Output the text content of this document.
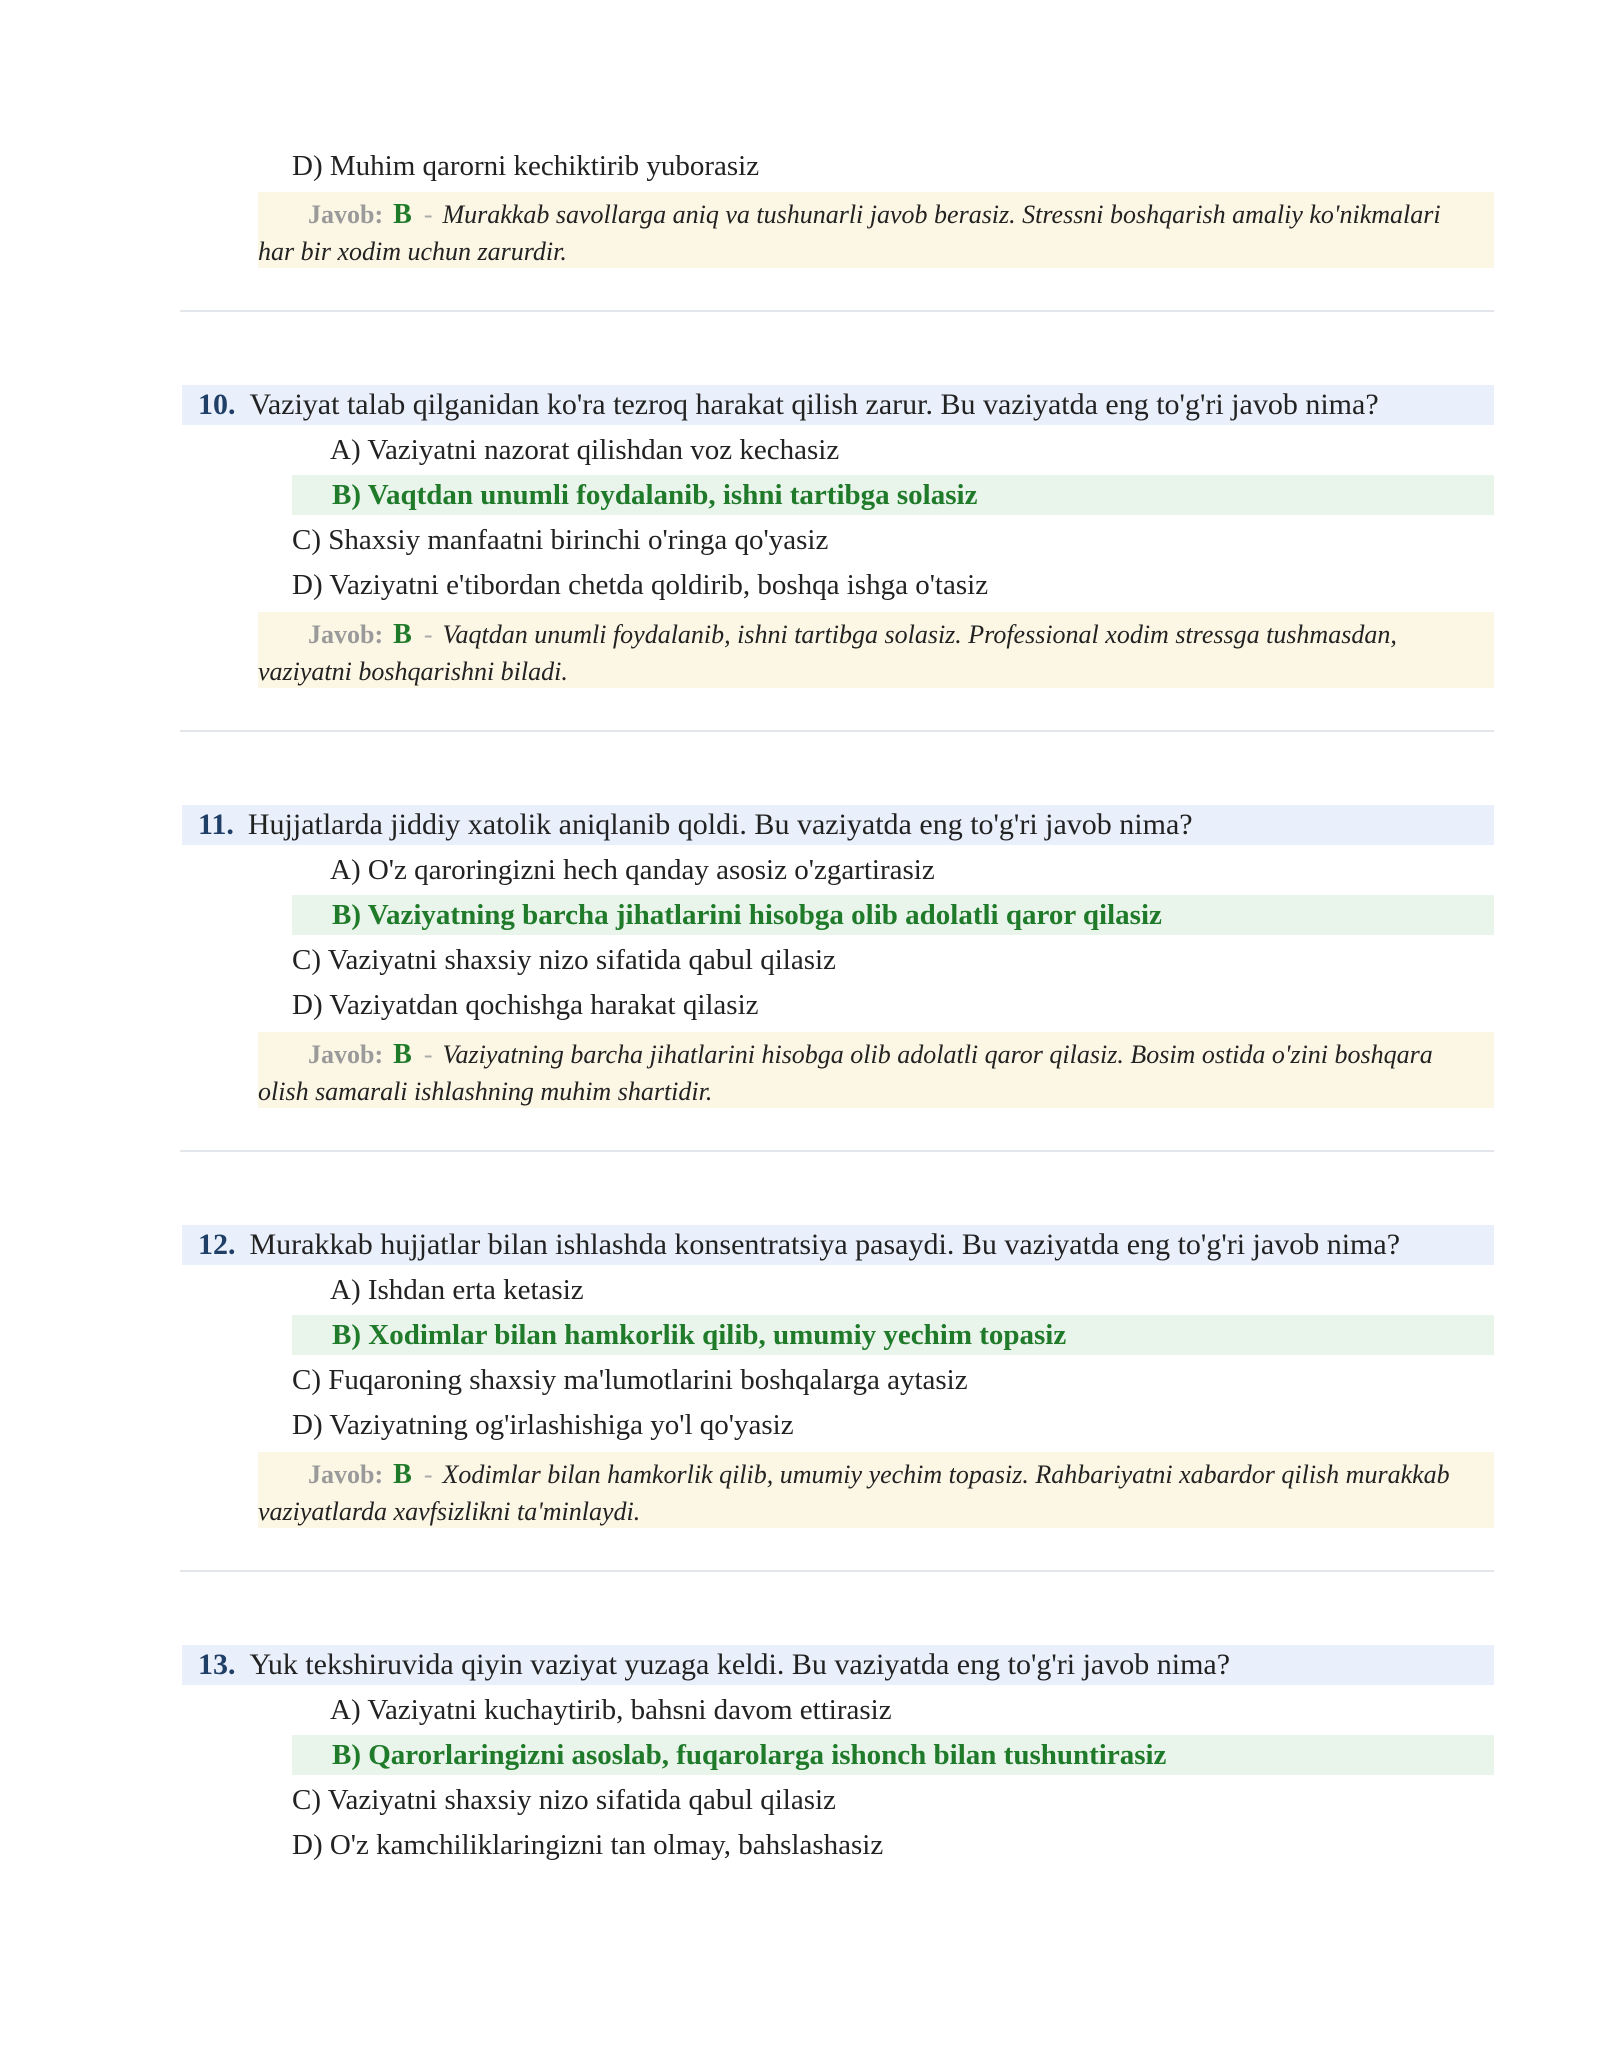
D) Muhim qarorni kechiktirib yuborasiz
Javob: B - Murakkab savollarga aniq va tushunarli javob berasiz. Stressni boshqarish amaliy ko'nikmalari har bir xodim uchun zarurdir.
10. Vaziyat talab qilganidan ko'ra tezroq harakat qilish zarur. Bu vaziyatda eng to'g'ri javob nima?
A) Vaziyatni nazorat qilishdan voz kechasiz
B) Vaqtdan unumli foydalanib, ishni tartibga solasiz
C) Shaxsiy manfaatni birinchi o'ringa qo'yasiz
D) Vaziyatni e'tibordan chetda qoldirib, boshqa ishga o'tasiz
Javob: B - Vaqtdan unumli foydalanib, ishni tartibga solasiz. Professional xodim stressga tushmasdan, vaziyatni boshqarishni biladi.
11. Hujjatlarda jiddiy xatolik aniqlanib qoldi. Bu vaziyatda eng to'g'ri javob nima?
A) O'z qaroringizni hech qanday asosiz o'zgartirasiz
B) Vaziyatning barcha jihatlarini hisobga olib adolatli qaror qilasiz
C) Vaziyatni shaxsiy nizo sifatida qabul qilasiz
D) Vaziyatdan qochishga harakat qilasiz
Javob: B - Vaziyatning barcha jihatlarini hisobga olib adolatli qaror qilasiz. Bosim ostida o'zini boshqara olish samarali ishlashning muhim shartidir.
12. Murakkab hujjatlar bilan ishlashda konsentratsiya pasaydi. Bu vaziyatda eng to'g'ri javob nima?
A) Ishdan erta ketasiz
B) Xodimlar bilan hamkorlik qilib, umumiy yechim topasiz
C) Fuqaroning shaxsiy ma'lumotlarini boshqalarga aytasiz
D) Vaziyatning og'irlashishiga yo'l qo'yasiz
Javob: B - Xodimlar bilan hamkorlik qilib, umumiy yechim topasiz. Rahbariyatni xabardor qilish murakkab vaziyatlarda xavfsizlikni ta'minlaydi.
13. Yuk tekshiruvida qiyin vaziyat yuzaga keldi. Bu vaziyatda eng to'g'ri javob nima?
A) Vaziyatni kuchaytirib, bahsni davom ettirasiz
B) Qarorlaringizni asoslab, fuqarolarga ishonch bilan tushuntirasiz
C) Vaziyatni shaxsiy nizo sifatida qabul qilasiz
D) O'z kamchiliklaringizni tan olmay, bahslashasiz
